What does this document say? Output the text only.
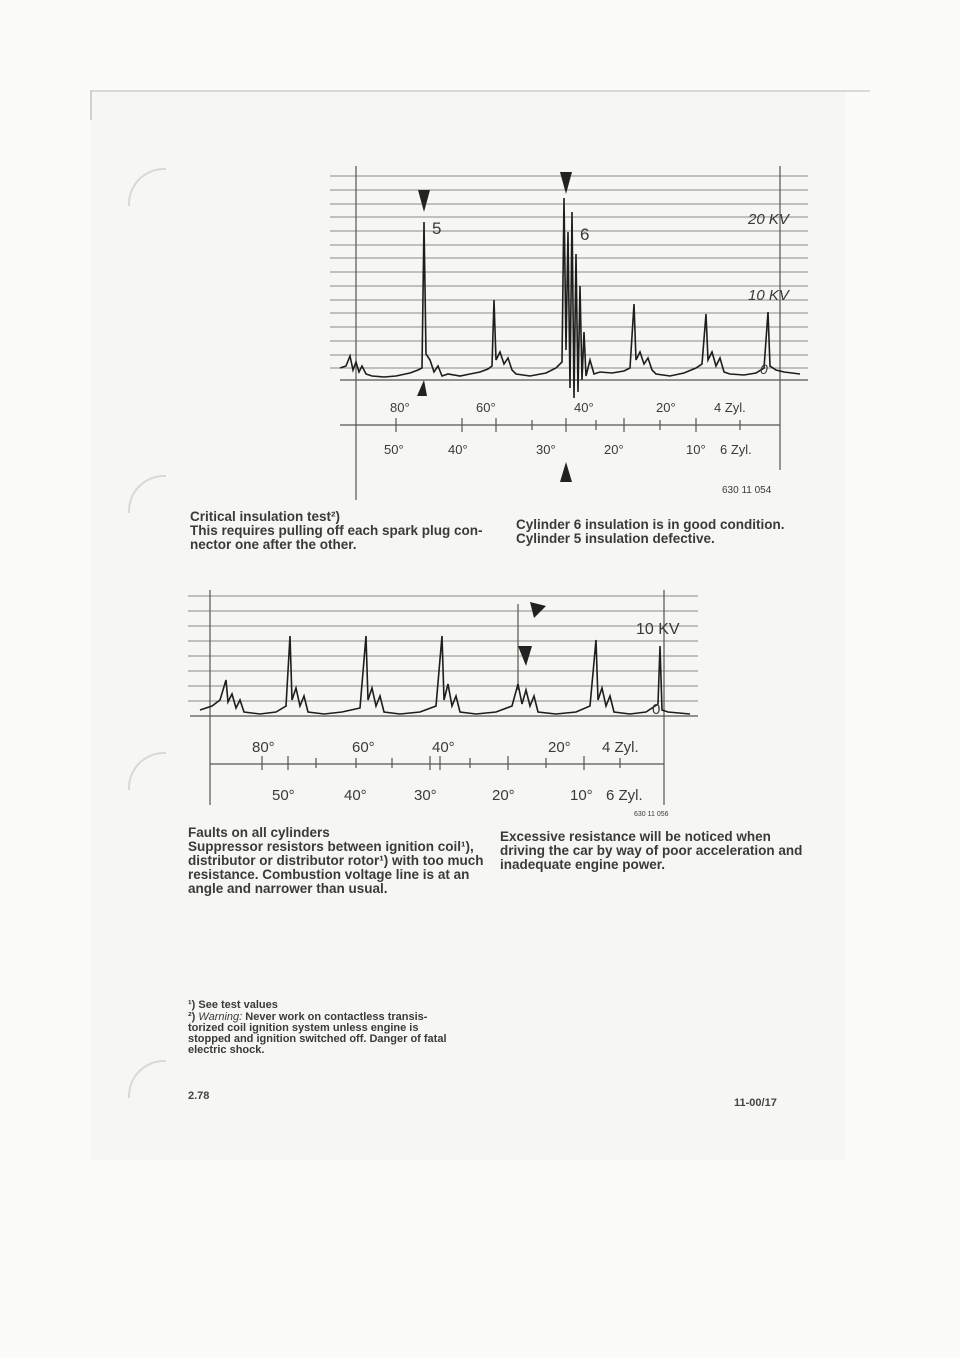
5	6
20 KV
10 KV
0
80°	60°	40°	20°	4 Zyl.
50°	40°	30°	20°	10° 6 Zyl.
630 11 054

Critical insulation test²)
This requires pulling off each spark plug con-
nector one after the other.

Cylinder 6 insulation is in good condition.
Cylinder 5 insulation defective.

10 KV
0
80°	60°	40°	20° 4 Zyl.
50°	40°	30°	20°	10° 6 Zyl.
630 11 056

Faults on all cylinders
Suppressor resistors between ignition coil¹),
distributor or distributor rotor¹) with too much
resistance. Combustion voltage line is at an
angle and narrower than usual.

Excessive resistance will be noticed when
driving the car by way of poor acceleration and
inadequate engine power.

¹) See test values
²) Warning: Never work on contactless transis-
torized coil ignition system unless engine is
stopped and ignition switched off. Danger of fatal
electric shock.
2.78
11-00/17
